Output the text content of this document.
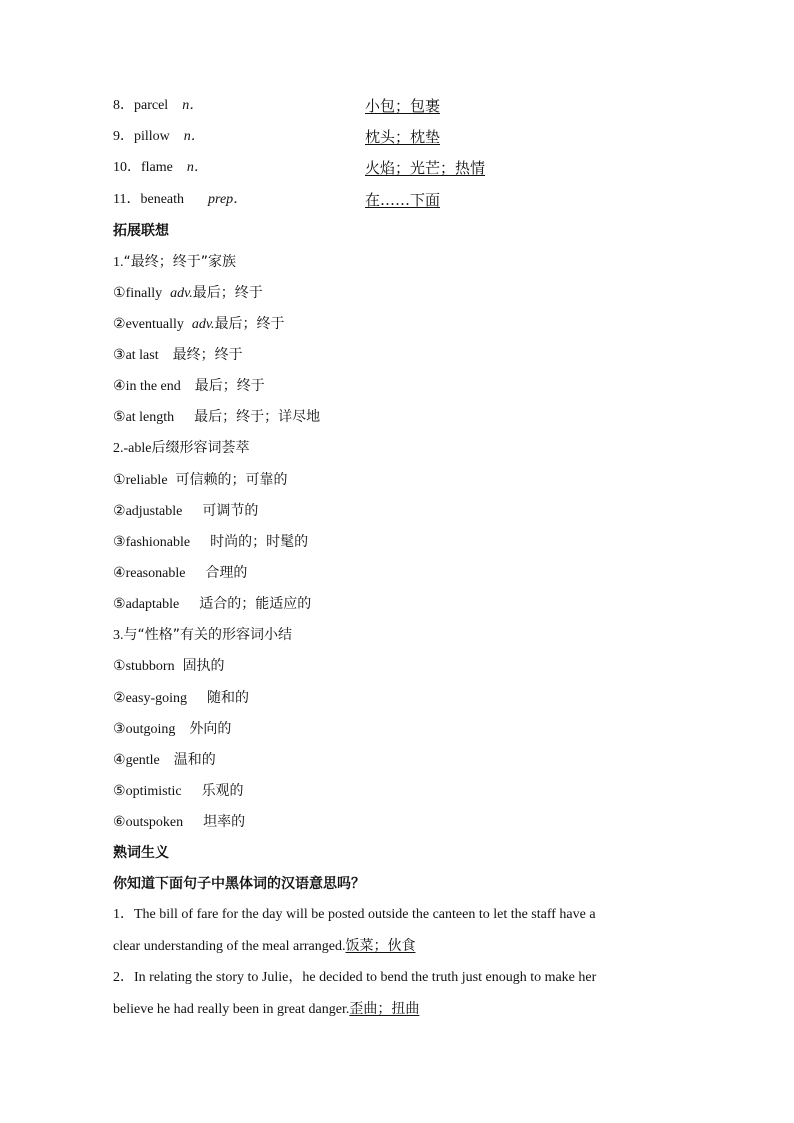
8．parcel n．	小包；包裹
9．pillow n．	枕头；枕垫
10．flame n．	火焰；光芒；热情
11．beneath prep．	在……下面
拓展联想
1.“最终；终于”家族
①finally adv.最后；终于
②eventually adv.最后；终于
③at last 最终；终于
④in the end 最后；终于
⑤at length 最后；终于；详尽地
2.-able后缀形容词荟萃
①reliable 可信赖的；可靠的
②adjustable 可调节的
③fashionable 时尚的；时髦的
④reasonable 合理的
⑤adaptable 适合的；能适应的
3.与“性格”有关的形容词小结
①stubborn 固执的
②easy-going 随和的
③outgoing 外向的
④gentle 温和的
⑤optimistic 乐观的
⑥outspoken 坦率的
熟词生义
你知道下面句子中黑体词的汉语意思吗？
1．The bill of fare for the day will be posted outside the canteen to let the staff have a
clear understanding of the meal arranged.饭菜；伙食
2．In relating the story to Julie，he decided to bend the truth just enough to make her
believe he had really been in great danger.歪曲；扭曲
